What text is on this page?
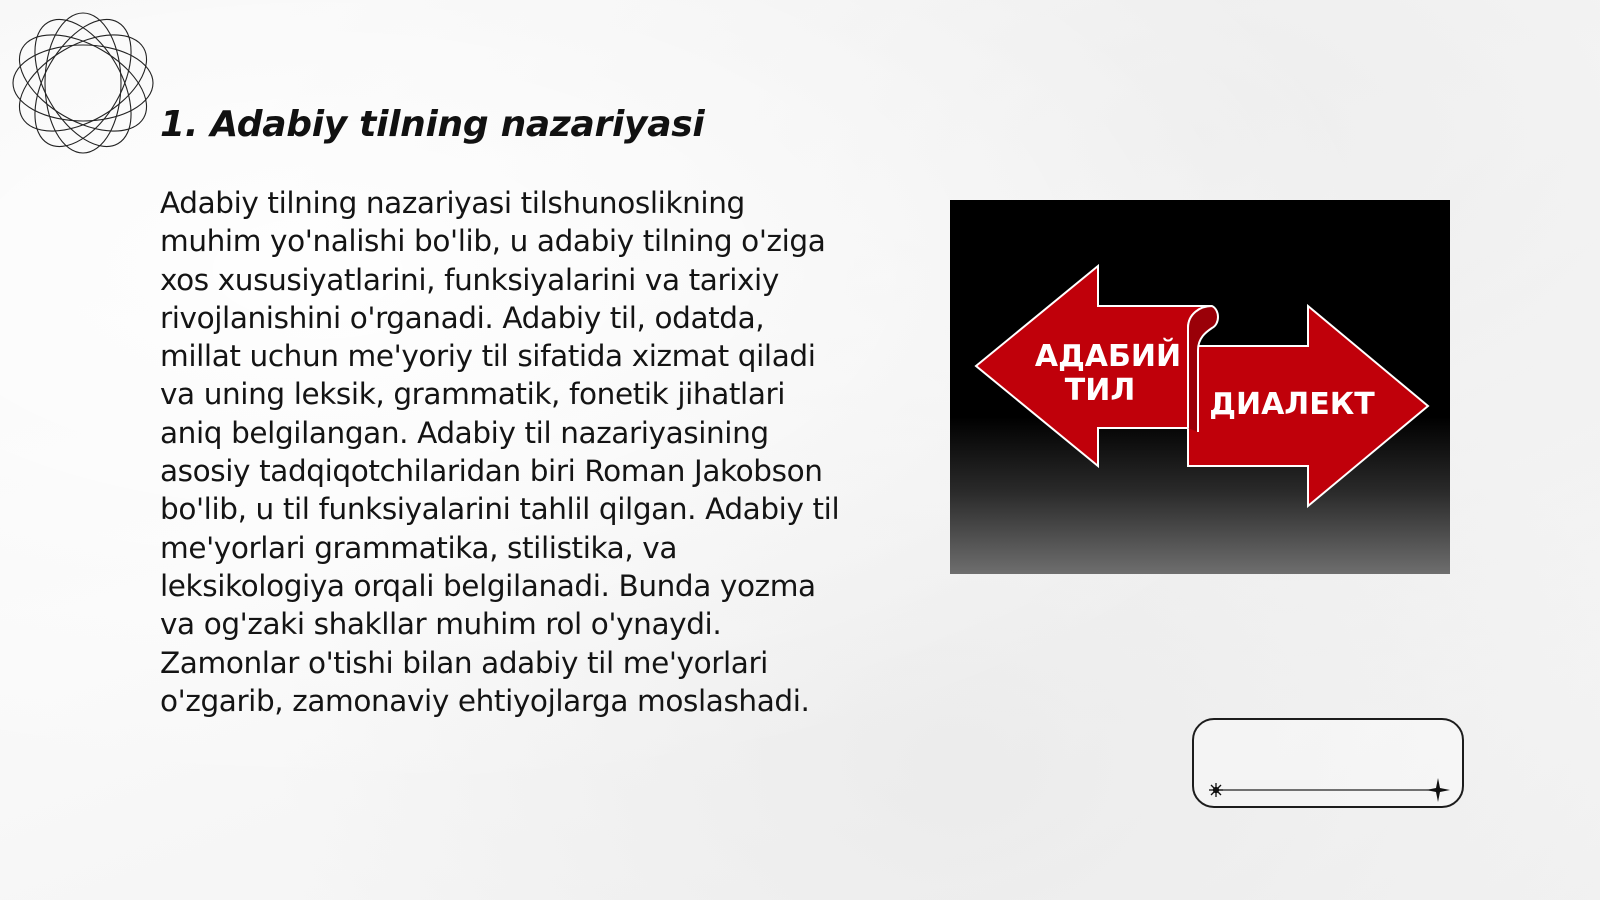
1. Adabiy tilning nazariyasi

Adabiy tilning nazariyasi tilshunoslikning muhim yo'nalishi bo'lib, u adabiy tilning o'ziga xos xususiyatlarini, funksiyalarini va tarixiy rivojlanishini o'rganadi. Adabiy til, odatda, millat uchun me'yoriy til sifatida xizmat qiladi va uning leksik, grammatik, fonetik jihatlari aniq belgilangan. Adabiy til nazariyasining asosiy tadqiqotchilaridan biri Roman Jakobson bo'lib, u til funksiyalarini tahlil qilgan. Adabiy til me'yorlari grammatika, stilistika, va leksikologiya orqali belgilanadi. Bunda yozma va og'zaki shakllar muhim rol o'ynaydi. Zamonlar o'tishi bilan adabiy til me'yorlari o'zgarib, zamonaviy ehtiyojlarga moslashadi.

АДАБИЙ
ТИЛ ДИАЛЕКТ
